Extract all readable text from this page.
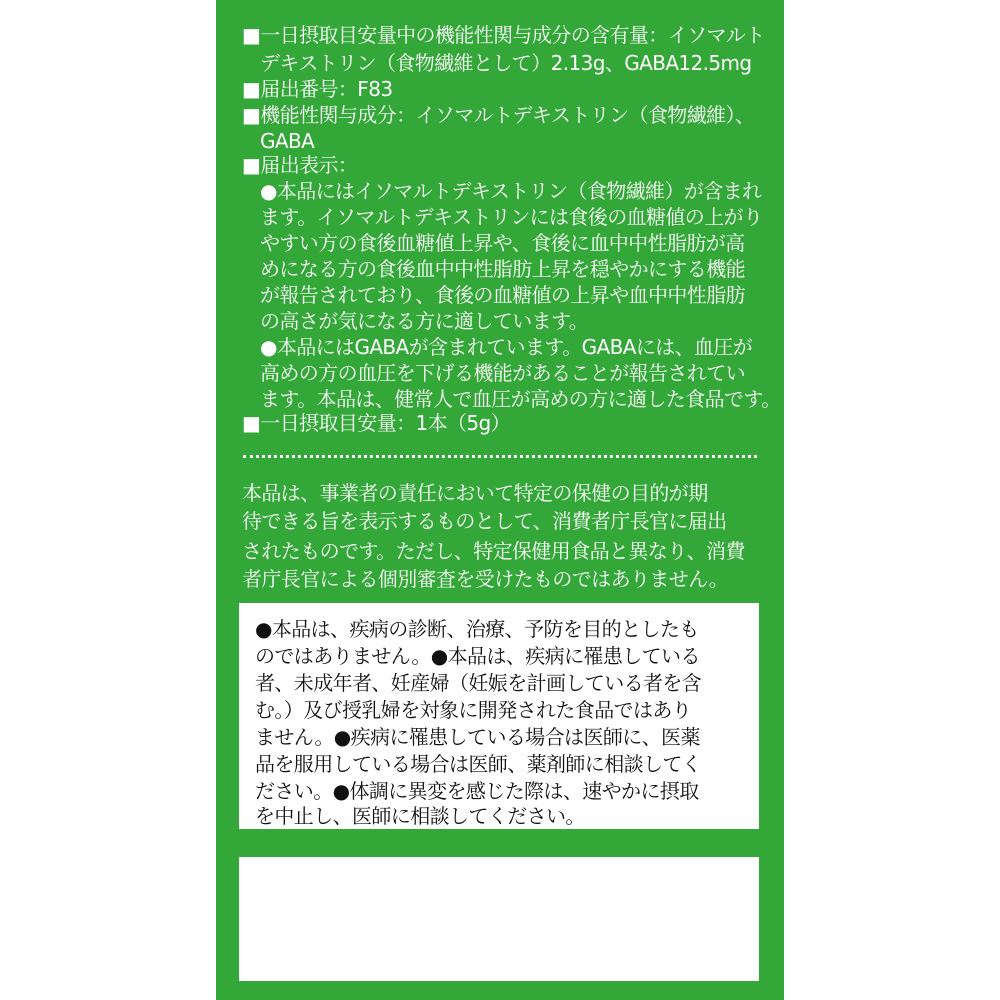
■一日摂取目安量中の機能性関与成分の含有量：イソマルト
デキストリン（食物繊維として）2.13g、GABA12.5mg
■届出番号：F83
■機能性関与成分：イソマルトデキストリン（食物繊維）、
GABA
■届出表示：
●本品にはイソマルトデキストリン（食物繊維）が含まれ
ます。イソマルトデキストリンには食後の血糖値の上がり
やすい方の食後血糖値上昇や、食後に血中中性脂肪が高
めになる方の食後血中中性脂肪上昇を穏やかにする機能
が報告されており、食後の血糖値の上昇や血中中性脂肪
の高さが気になる方に適しています。
●本品にはGABAが含まれています。GABAには、血圧が
高めの方の血圧を下げる機能があることが報告されてい
ます。本品は、健常人で血圧が高めの方に適した食品です。
■一日摂取目安量：1本（5g）
本品は、事業者の責任において特定の保健の目的が期
待できる旨を表示するものとして、消費者庁長官に届出
されたものです。ただし、特定保健用食品と異なり、消費
者庁長官による個別審査を受けたものではありません。
●本品は、疾病の診断、治療、予防を目的としたも
のではありません。●本品は、疾病に罹患している
者、未成年者、妊産婦（妊娠を計画している者を含
む。）及び授乳婦を対象に開発された食品ではあり
ません。●疾病に罹患している場合は医師に、医薬
品を服用している場合は医師、薬剤師に相談してく
ださい。●体調に異変を感じた際は、速やかに摂取
を中止し、医師に相談してください。
